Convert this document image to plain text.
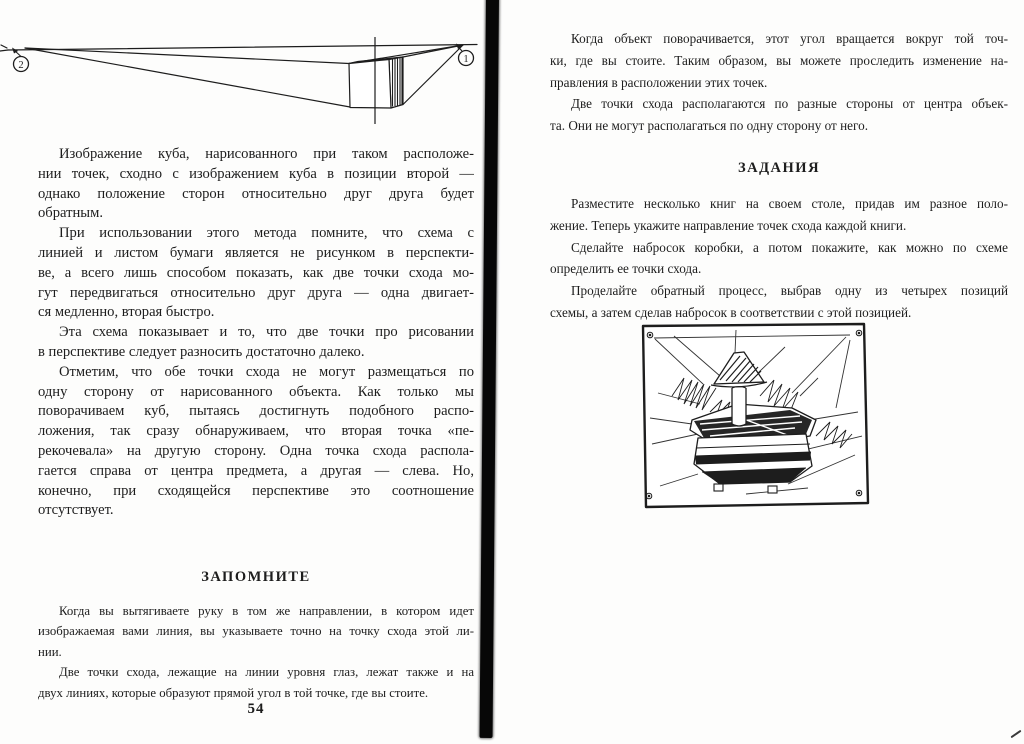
2
1
Изображение куба, нарисованного при таком расположе-
нии точек, сходно с изображением куба в позиции второй —
однако положение сторон относительно друг друга будет
обратным.
При использовании этого метода помните, что схема с
линией и листом бумаги является не рисунком в перспекти-
ве, а всего лишь способом показать, как две точки схода мо-
гут передвигаться относительно друг друга — одна двигает-
ся медленно, вторая быстро.
Эта схема показывает и то, что две точки про рисовании
в перспективе следует разносить достаточно далеко.
Отметим, что обе точки схода не могут размещаться по
одну сторону от нарисованного объекта. Как только мы
поворачиваем куб, пытаясь достигнуть подобного распо-
ложения, так сразу обнаруживаем, что вторая точка «пе-
рекочевала» на другую сторону. Одна точка схода распола-
гается справа от центра предмета, а другая — слева. Но,
конечно, при сходящейся перспективе это соотношение
отсутствует.
ЗАПОМНИТЕ
Когда вы вытягиваете руку в том же направлении, в котором идет
изображаемая вами линия, вы указываете точно на точку схода этой ли-
нии.
Две точки схода, лежащие на линии уровня глаз, лежат также и на
двух линиях, которые образуют прямой угол в той точке, где вы стоите.
54
Когда объект поворачивается, этот угол вращается вокруг той точ-
ки, где вы стоите. Таким образом, вы можете проследить изменение на-
правления в расположении этих точек.
Две точки схода располагаются по разные стороны от центра объек-
та. Они не могут располагаться по одну сторону от него.
ЗАДАНИЯ
Разместите несколько книг на своем столе, придав им разное поло-
жение. Теперь укажите направление точек схода каждой книги.
Сделайте набросок коробки, а потом покажите, как можно по схеме
определить ее точки схода.
Проделайте обратный процесс, выбрав одну из четырех позиций
схемы, а затем сделав набросок в соответствии с этой позицией.
